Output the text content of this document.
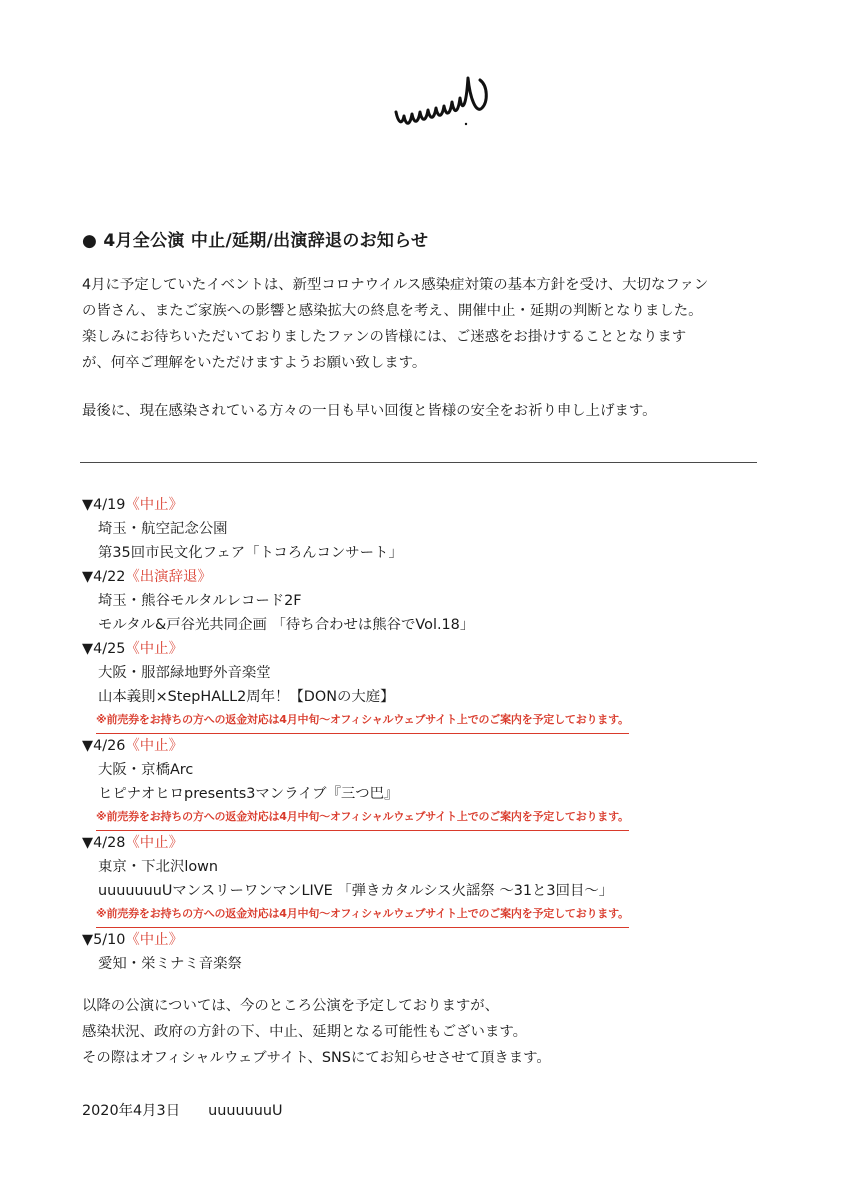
● 4月全公演 中止/延期/出演辞退のお知らせ

4月に予定していたイベントは、新型コロナウイルス感染症対策の基本方針を受け、大切なファン

の皆さん、またご家族への影響と感染拡大の終息を考え、開催中止・延期の判断となりました。

楽しみにお待ちいただいておりましたファンの皆様には、ご迷惑をお掛けすることとなります

が、何卒ご理解をいただけますようお願い致します。

最後に、現在感染されている方々の一日も早い回復と皆様の安全をお祈り申し上げます。

▼4/19《中止》
埼玉・航空記念公園
第35回市民文化フェア「トコろんコンサート」
▼4/22《出演辞退》
埼玉・熊谷モルタルレコード2F
モルタル&戸谷光共同企画 「待ち合わせは熊谷でVol.18」
▼4/25《中止》
大阪・服部緑地野外音楽堂
山本義則×StepHALL2周年！【DONの大庭】
※前売券をお持ちの方への返金対応は4月中旬〜オフィシャルウェブサイト上でのご案内を予定しております。
▼4/26《中止》
大阪・京橋Arc
ヒピナオヒロpresents3マンライブ『三つ巴』
※前売券をお持ちの方への返金対応は4月中旬〜オフィシャルウェブサイト上でのご案内を予定しております。
▼4/28《中止》
東京・下北沢lown
uuuuuuuUマンスリーワンマンLIVE 「弾きカタルシス火謡祭 〜31と3回目〜」
※前売券をお持ちの方への返金対応は4月中旬〜オフィシャルウェブサイト上でのご案内を予定しております。
▼5/10《中止》
愛知・栄ミナミ音楽祭

以降の公演については、今のところ公演を予定しておりますが、

感染状況、政府の方針の下、中止、延期となる可能性もございます。

その際はオフィシャルウェブサイト、SNSにてお知らせさせて頂きます。

2020年4月3日 uuuuuuuU
